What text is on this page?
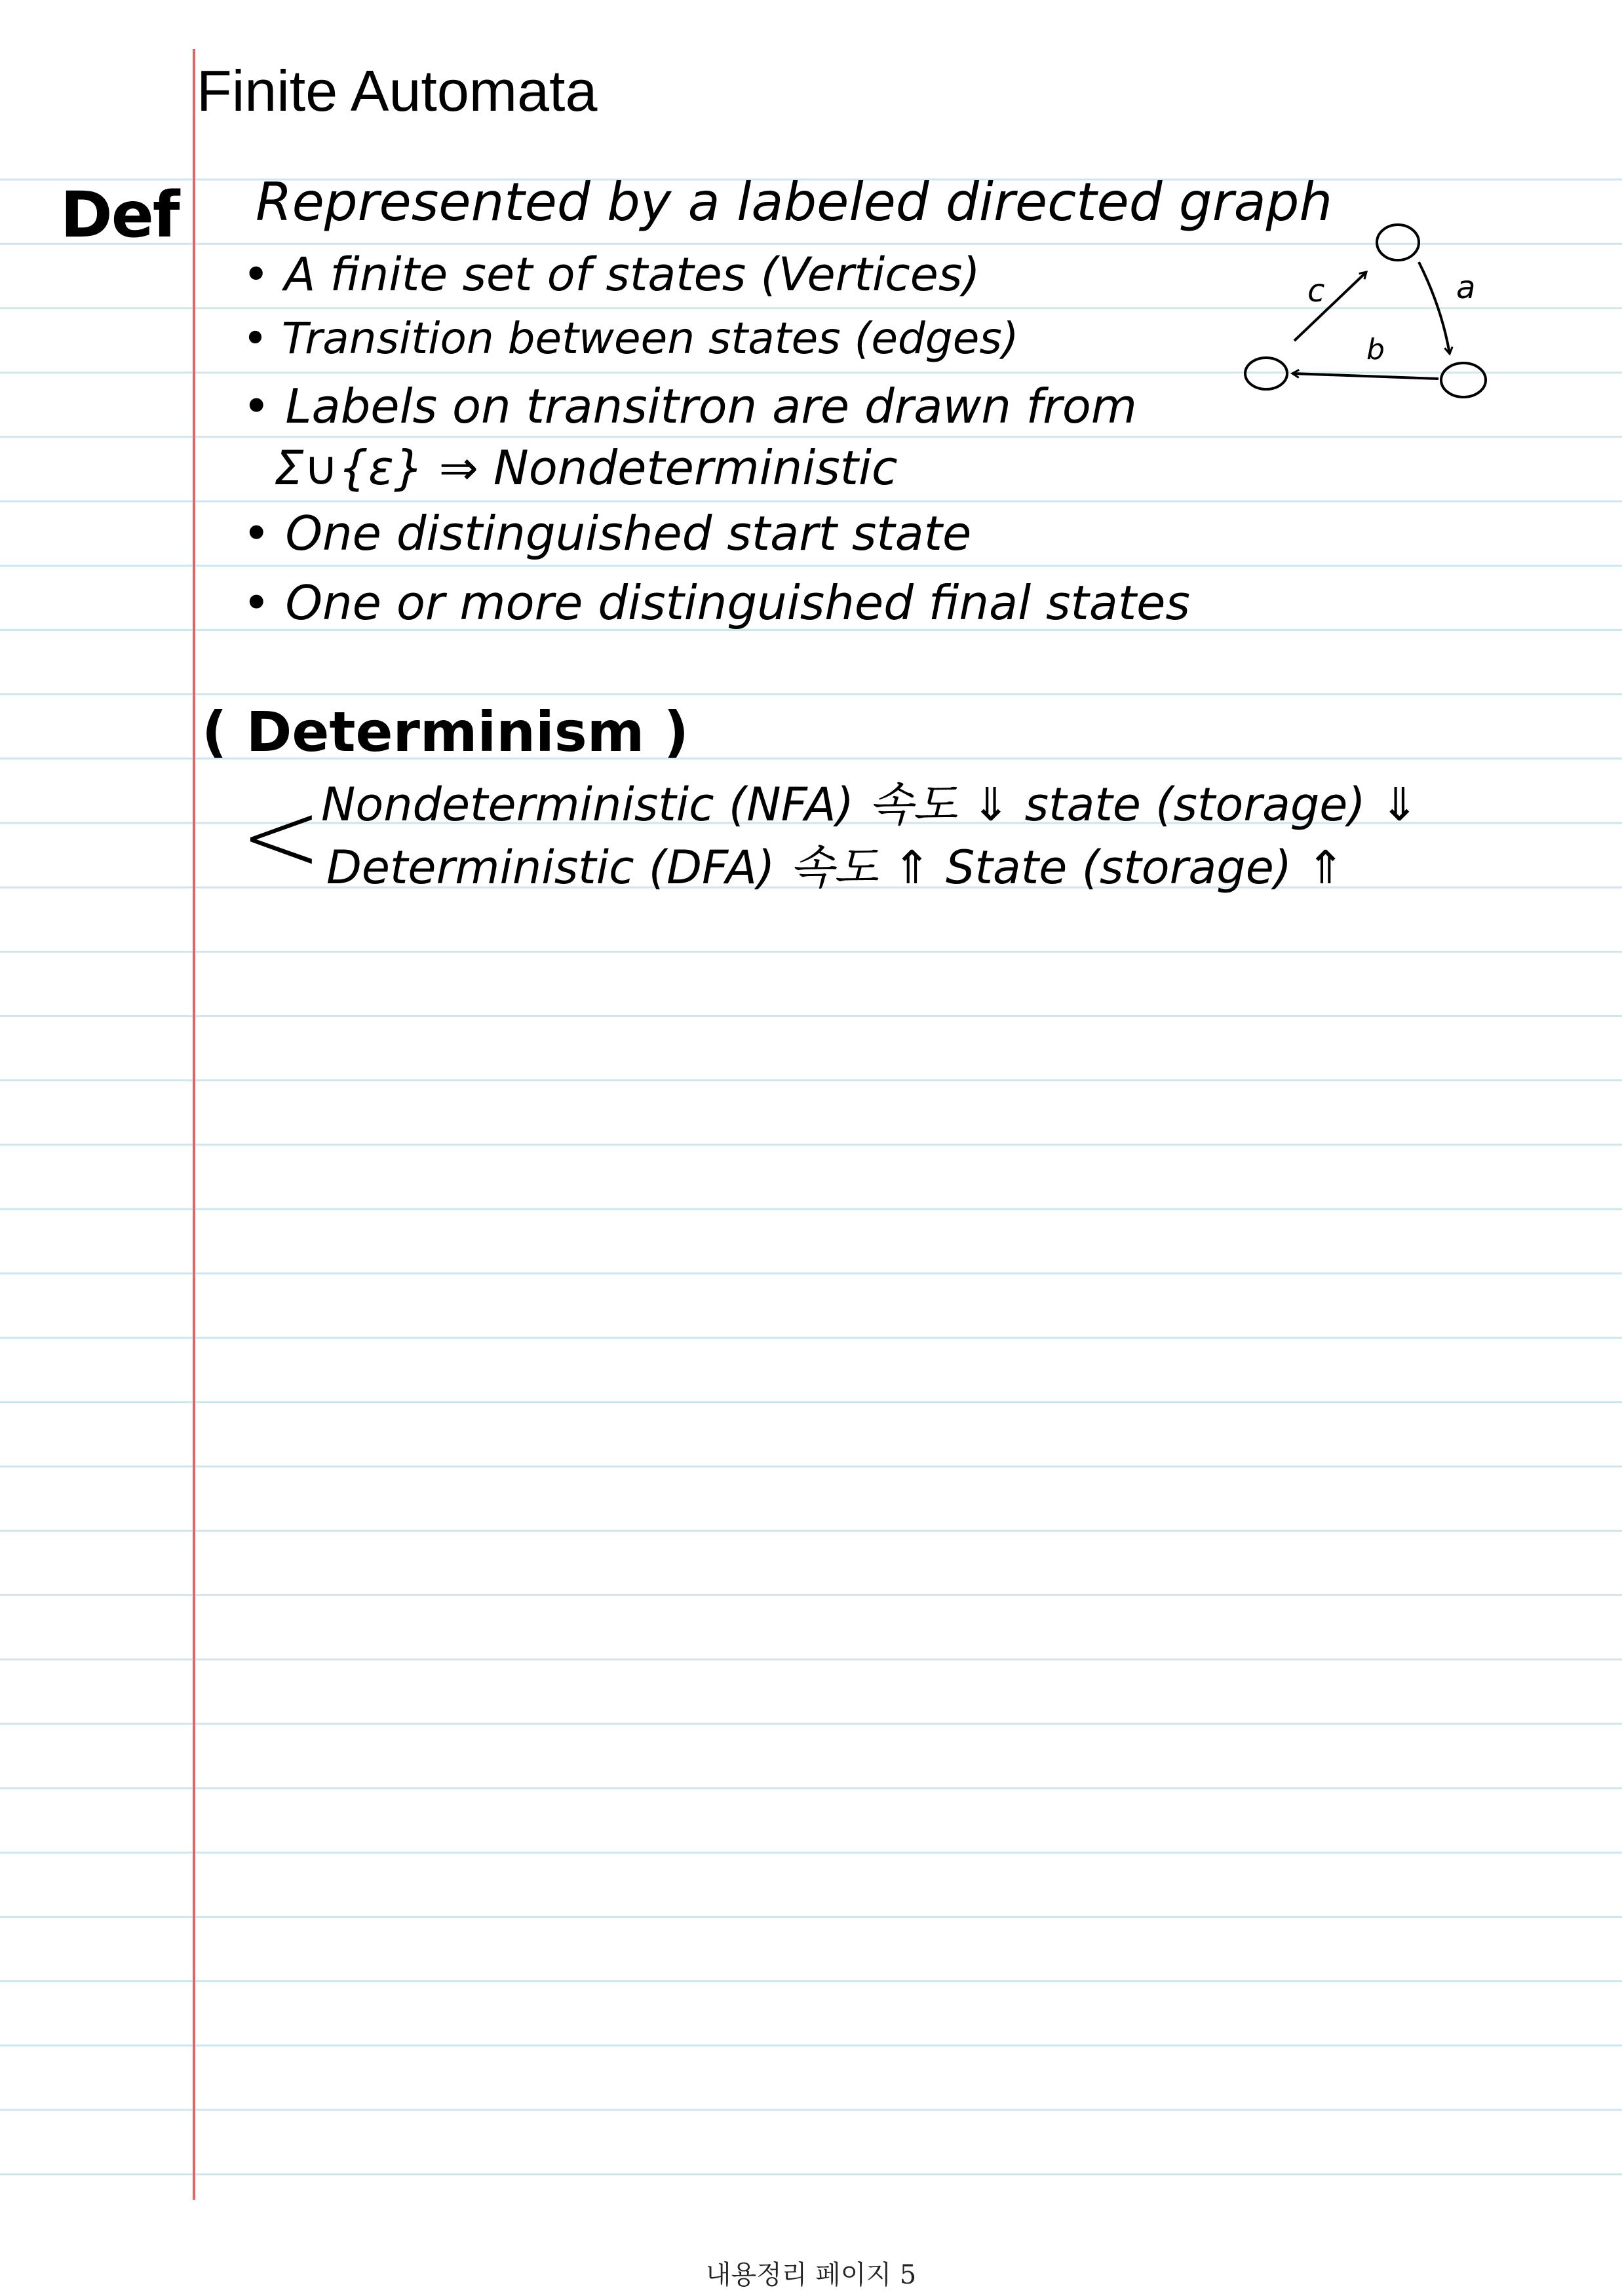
Finite Automata
Def Represented by a labeled directed graph
• A finite set of states (Vertices)
• Transition between states (edges)
• Labels on transitron are drawn from
Σ∪{ε} ⇒ Nondeterministic
• One distinguished start state
• One or more distinguished final states
c	a
b
( Determinism )
<
Nondeterministic (NFA) 속도 ⇓ state (storage) ⇓
Deterministic (DFA) 속도 ⇑ State (storage) ⇑
내용정리 페이지 5
